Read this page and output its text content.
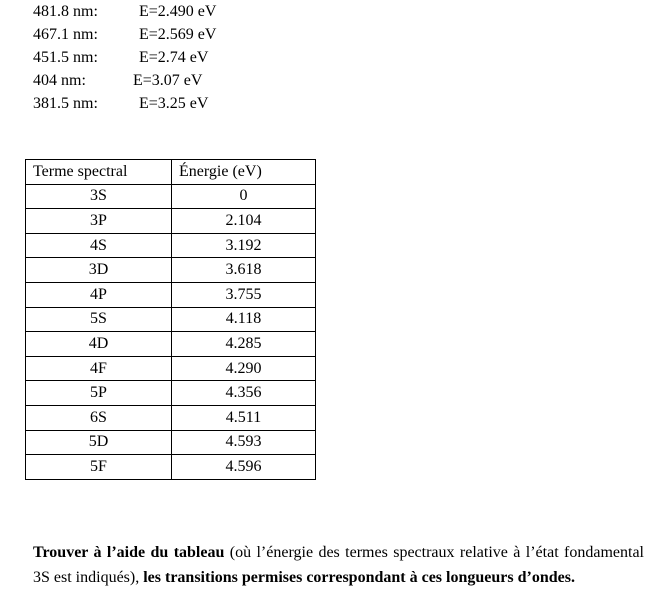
481.8 nm:	E=2.490 eV
467.1 nm:	E=2.569 eV
451.5 nm:	E=2.74 eV
404 nm:	E=3.07 eV
381.5 nm:	E=3.25 eV
Terme spectral	Énergie (eV)
3S	0
3P	2.104
4S	3.192
3D	3.618
4P	3.755
5S	4.118
4D	4.285
4F	4.290
5P	4.356
6S	4.511
5D	4.593
5F	4.596

Trouver à l’aide du tableau (où l’énergie des termes spectraux relative à l’état fondamental 3S est indiqués), les transitions permises correspondant à ces longueurs d’ondes.
